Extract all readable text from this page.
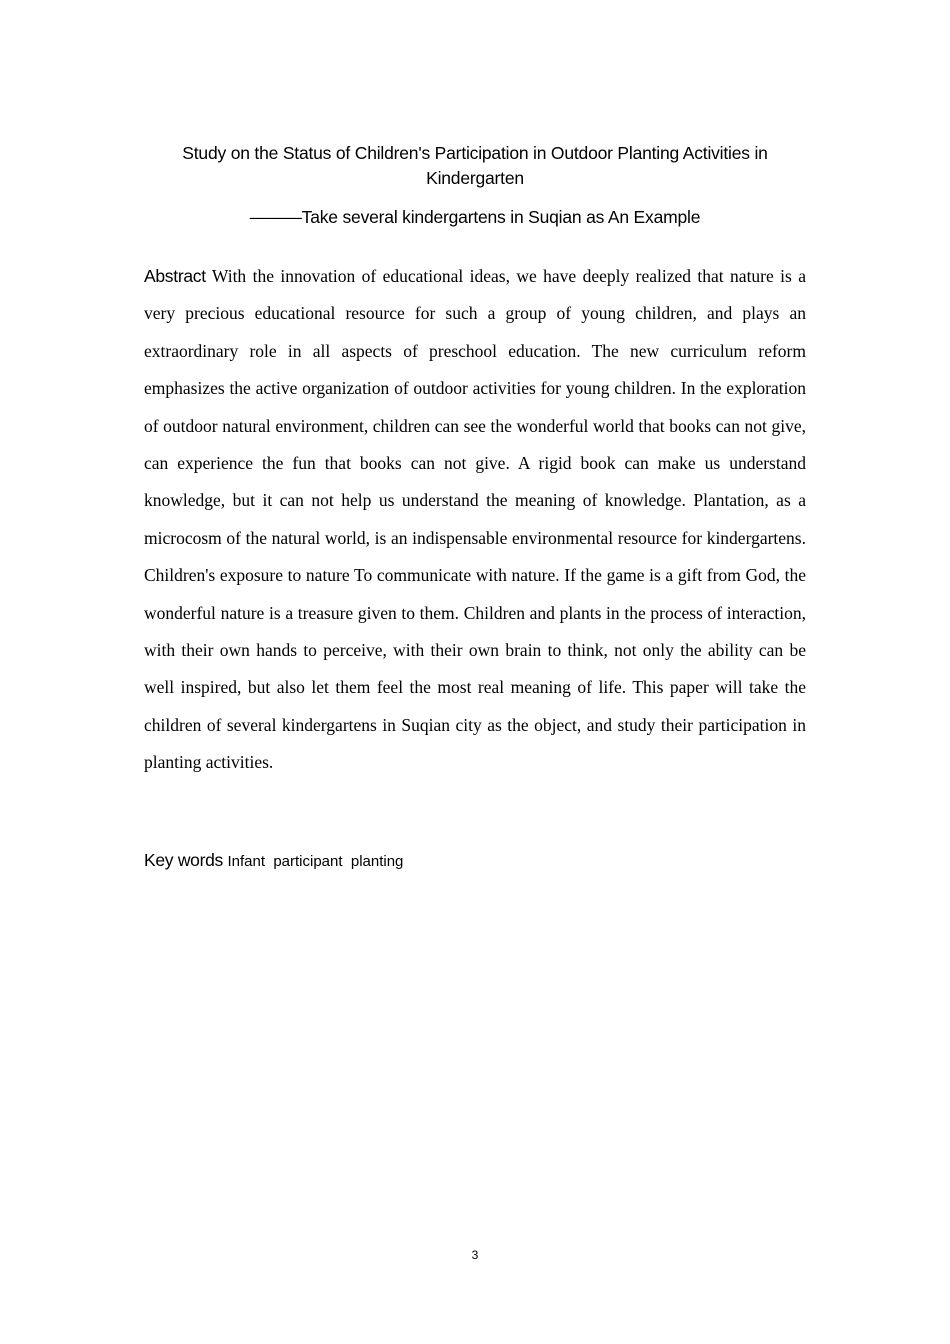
Study on the Status of Children's Participation in Outdoor Planting Activities in Kindergarten
———Take several kindergartens in Suqian as An Example

Abstract With the innovation of educational ideas, we have deeply realized that nature is a very precious educational resource for such a group of young children, and plays an extraordinary role in all aspects of preschool education. The new curriculum reform emphasizes the active organization of outdoor activities for young children. In the exploration of outdoor natural environment, children can see the wonderful world that books can not give, can experience the fun that books can not give. A rigid book can make us understand knowledge, but it can not help us understand the meaning of knowledge. Plantation, as a microcosm of the natural world, is an indispensable environmental resource for kindergartens. Children's exposure to nature To communicate with nature. If the game is a gift from God, the wonderful nature is a treasure given to them. Children and plants in the process of interaction, with their own hands to perceive, with their own brain to think, not only the ability can be well inspired, but also let them feel the most real meaning of life. This paper will take the children of several kindergartens in Suqian city as the object, and study their participation in planting activities.

Key words Infant  participant  planting
3
